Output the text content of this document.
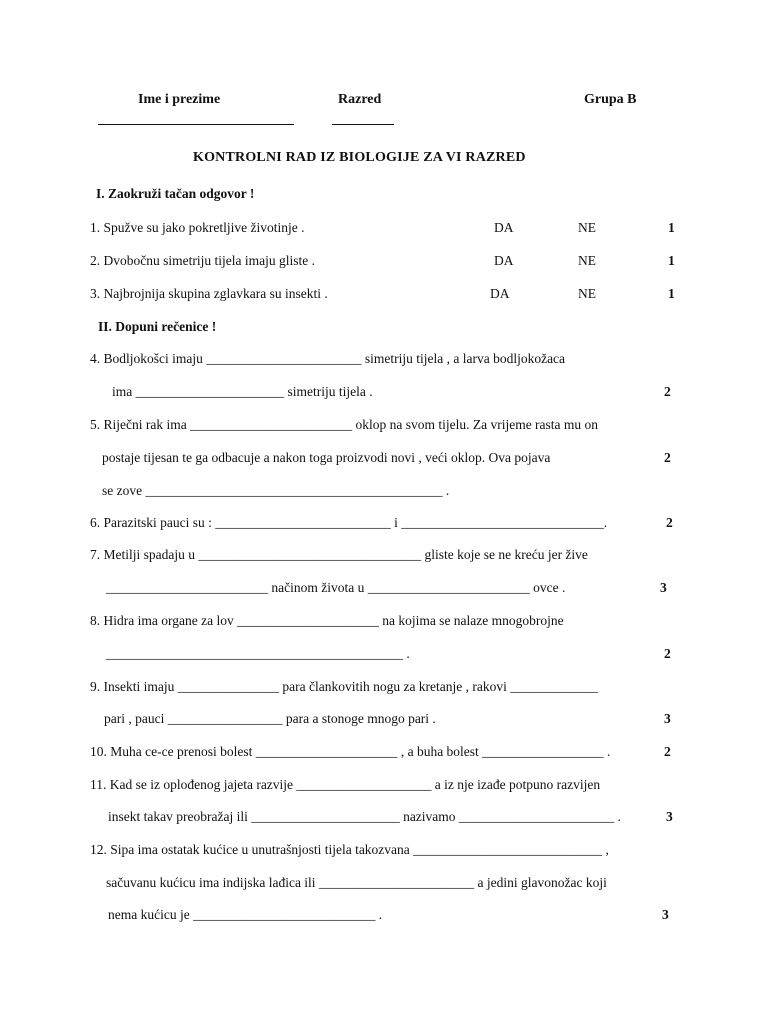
Ime i prezime	Razred	Grupa B
KONTROLNI RAD IZ BIOLOGIJE ZA VI RAZRED
I. Zaokruži tačan odgovor !
1. Spužve su jako pokretljive životinje .	DA	NE	1
2. Dvobočnu simetriju tijela imaju gliste .	DA	NE	1
3. Najbrojnija skupina zglavkara su insekti .	DA	NE	1
II. Dopuni rečenice !
4. Bodljokošci imaju _______________________ simetriju tijela , a larva bodljokožaca
ima ______________________ simetriju tijela .	2
5. Riječni rak ima ________________________ oklop na svom tijelu. Za vrijeme rasta mu on
postaje tijesan te ga odbacuje a nakon toga proizvodi novi , veći oklop. Ova pojava	2
se zove ____________________________________________ .
6. Parazitski pauci su : __________________________ i ______________________________.	2
7. Metilji spadaju u _________________________________ gliste koje se ne kreću jer žive
________________________ načinom života u ________________________ ovce .	3
8. Hidra ima organe za lov _____________________ na kojima se nalaze mnogobrojne
____________________________________________ .	2
9. Insekti imaju _______________ para člankovitih nogu za kretanje , rakovi _____________
pari , pauci _________________ para a stonoge mnogo pari .	3
10. Muha ce-ce prenosi bolest _____________________ , a buha bolest __________________ .	2
11. Kad se iz oplođenog jajeta razvije ____________________ a iz nje izađe potpuno razvijen
insekt takav preobražaj ili ______________________ nazivamo _______________________ .	3
12. Sipa ima ostatak kućice u unutrašnjosti tijela takozvana ____________________________ ,
sačuvanu kućicu ima indijska lađica ili _______________________ a jedini glavonožac koji
nema kućicu je ___________________________ .	3
